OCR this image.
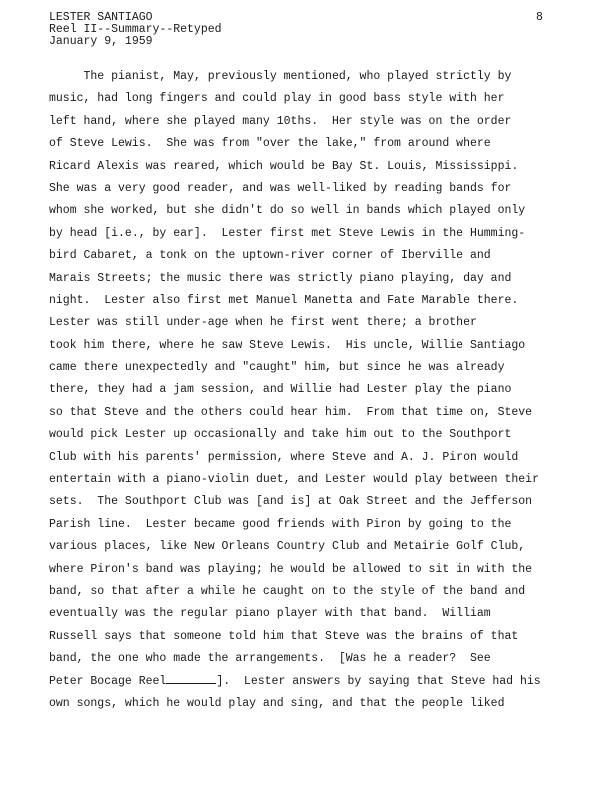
LESTER SANTIAGO
Reel II--Summary--Retyped
January 9, 1959
8
The pianist, May, previously mentioned, who played strictly by
music, had long fingers and could play in good bass style with her
left hand, where she played many 10ths.  Her style was on the order
of Steve Lewis.  She was from "over the lake," from around where
Ricard Alexis was reared, which would be Bay St. Louis, Mississippi.
She was a very good reader, and was well-liked by reading bands for
whom she worked, but she didn't do so well in bands which played only
by head [i.e., by ear].  Lester first met Steve Lewis in the Humming-
bird Cabaret, a tonk on the uptown-river corner of Iberville and
Marais Streets; the music there was strictly piano playing, day and
night.  Lester also first met Manuel Manetta and Fate Marable there.
Lester was still under-age when he first went there; a brother
took him there, where he saw Steve Lewis.  His uncle, Willie Santiago
came there unexpectedly and "caught" him, but since he was already
there, they had a jam session, and Willie had Lester play the piano
so that Steve and the others could hear him.  From that time on, Steve
would pick Lester up occasionally and take him out to the Southport
Club with his parents' permission, where Steve and A. J. Piron would
entertain with a piano-violin duet, and Lester would play between their
sets.  The Southport Club was [and is] at Oak Street and the Jefferson
Parish line.  Lester became good friends with Piron by going to the
various places, like New Orleans Country Club and Metairie Golf Club,
where Piron's band was playing; he would be allowed to sit in with the
band, so that after a while he caught on to the style of the band and
eventually was the regular piano player with that band.  William
Russell says that someone told him that Steve was the brains of that
band, the one who made the arrangements.  [Was he a reader?  See
Peter Bocage Reel	].  Lester answers by saying that Steve had his
own songs, which he would play and sing, and that the people liked
